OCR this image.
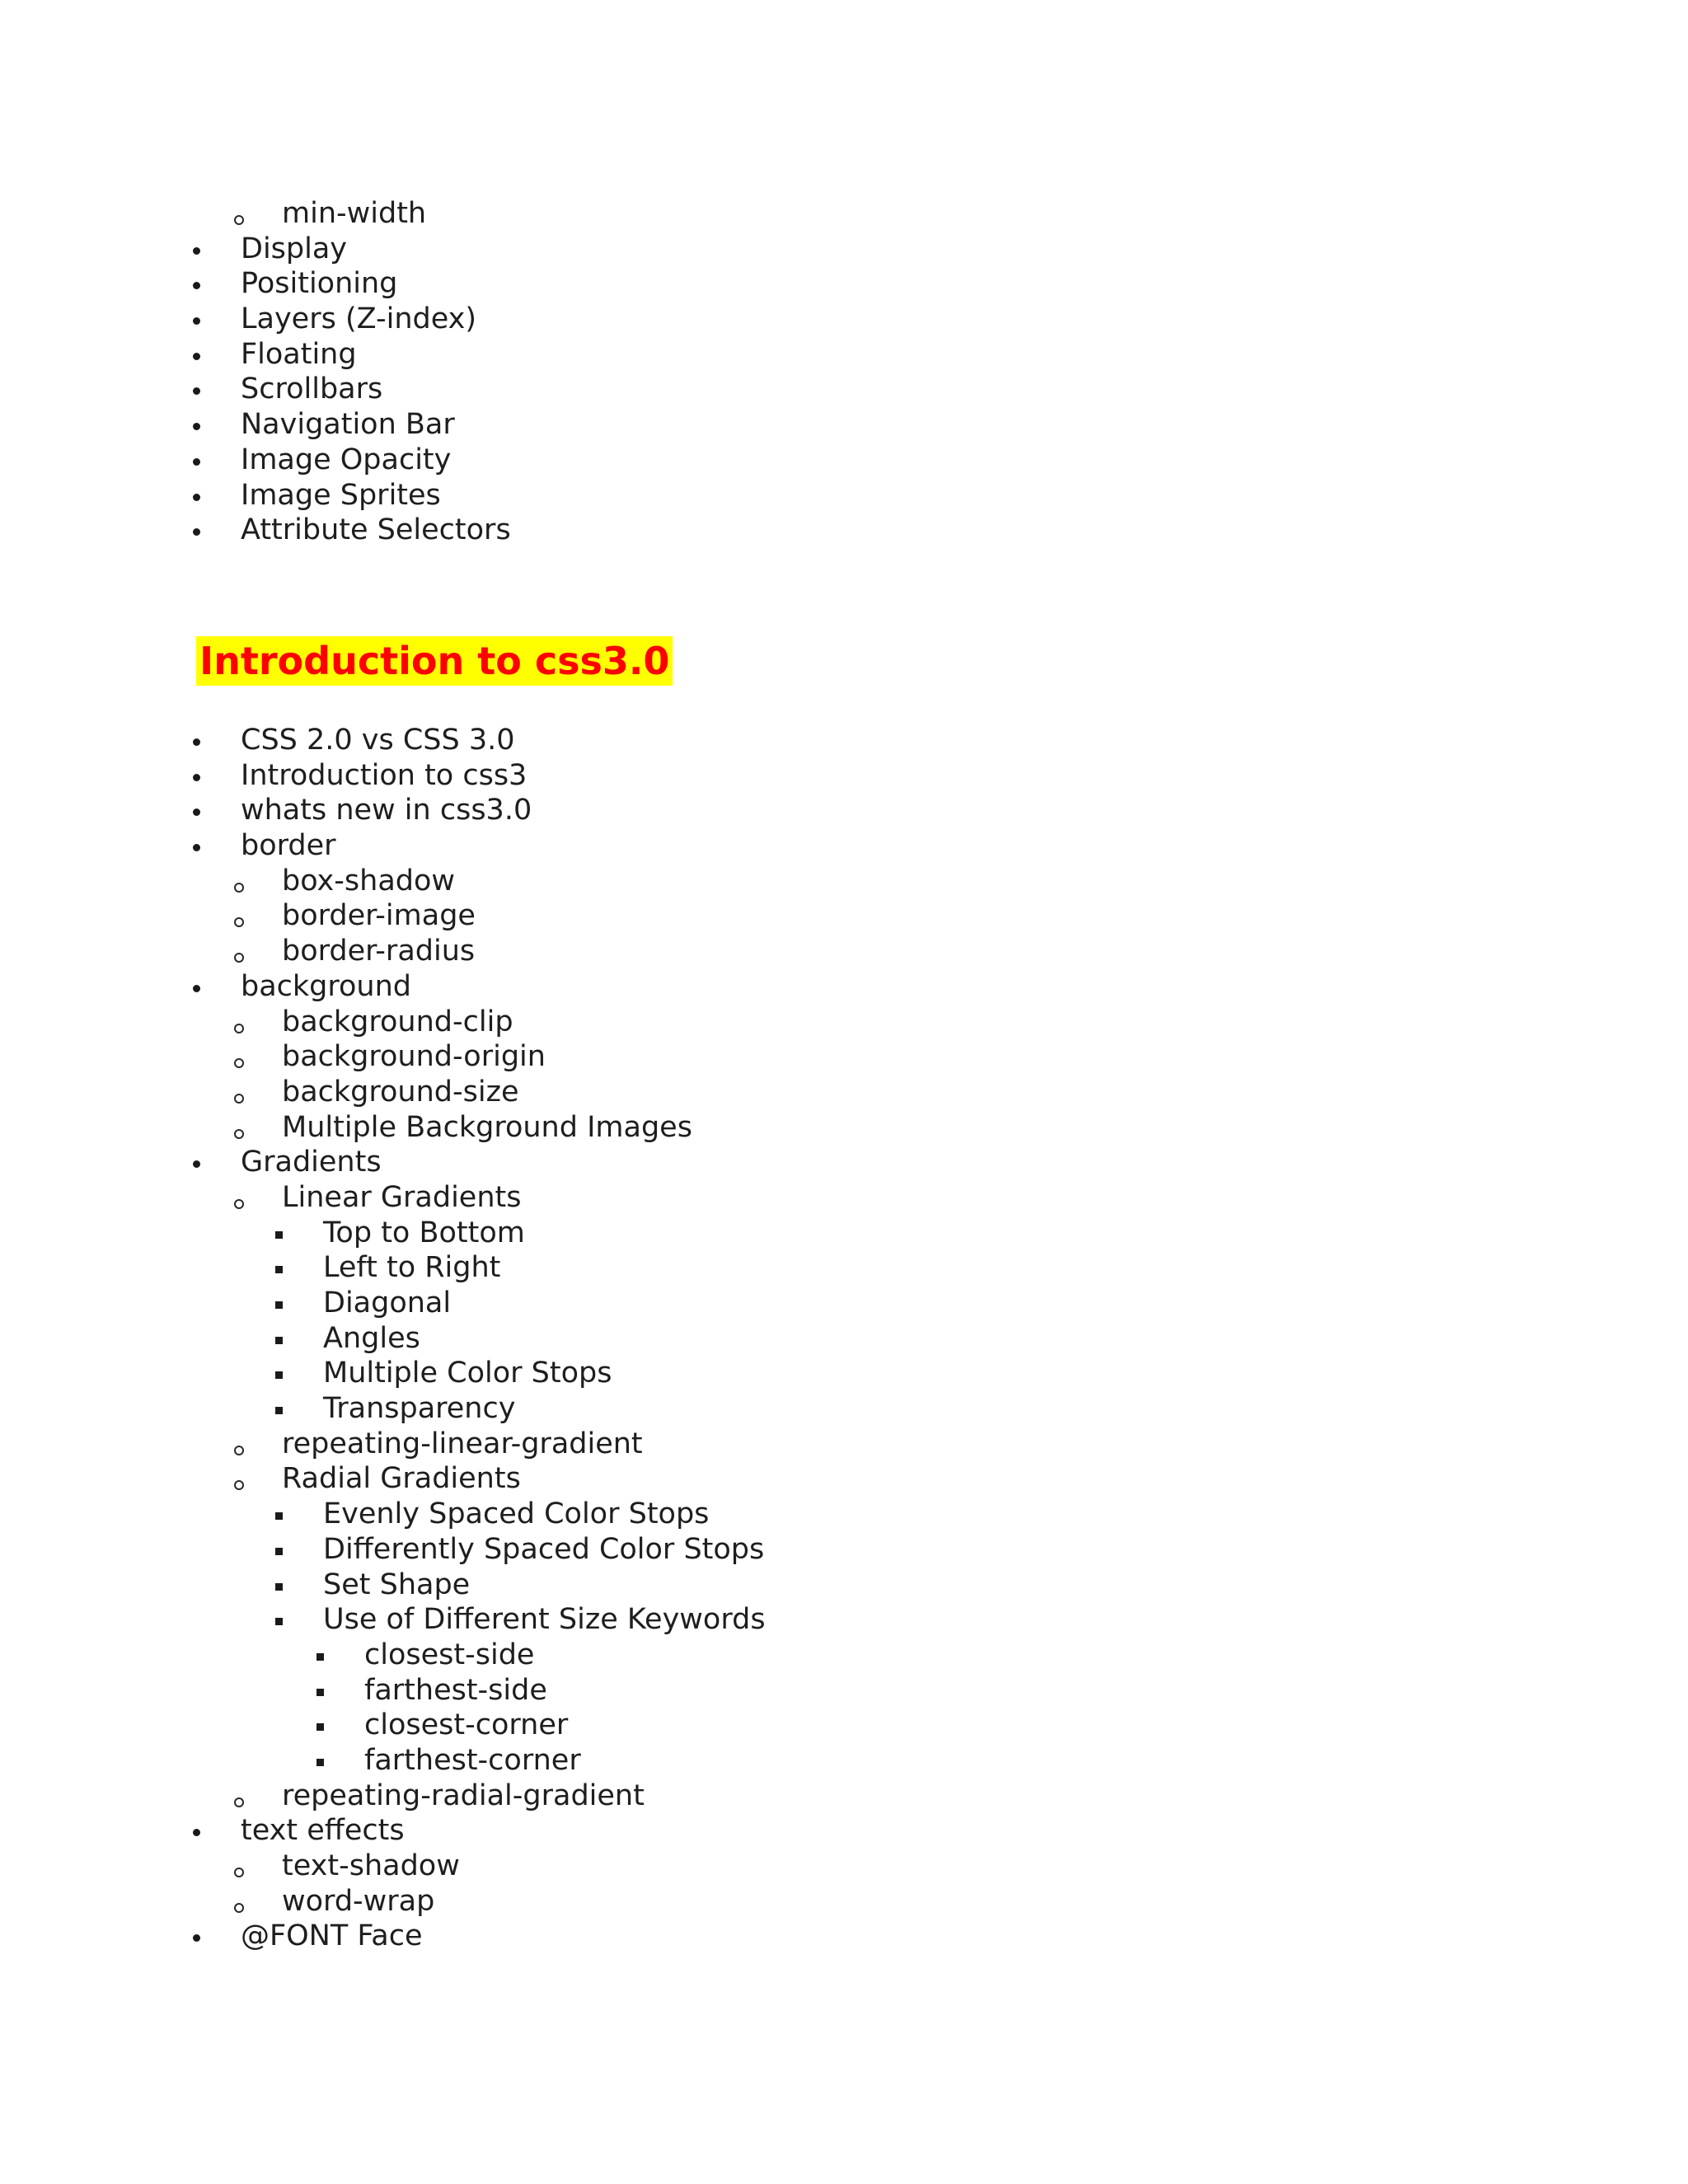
min-width
Display
Positioning
Layers (Z-index)
Floating
Scrollbars
Navigation Bar
Image Opacity
Image Sprites
Attribute Selectors
Introduction to css3.0
CSS 2.0 vs CSS 3.0
Introduction to css3
whats new in css3.0
border
box-shadow
border-image
border-radius
background
background-clip
background-origin
background-size
Multiple Background Images
Gradients
Linear Gradients
Top to Bottom
Left to Right
Diagonal
Angles
Multiple Color Stops
Transparency
repeating-linear-gradient
Radial Gradients
Evenly Spaced Color Stops
Differently Spaced Color Stops
Set Shape
Use of Different Size Keywords
closest-side
farthest-side
closest-corner
farthest-corner
repeating-radial-gradient
text effects
text-shadow
word-wrap
@FONT Face
